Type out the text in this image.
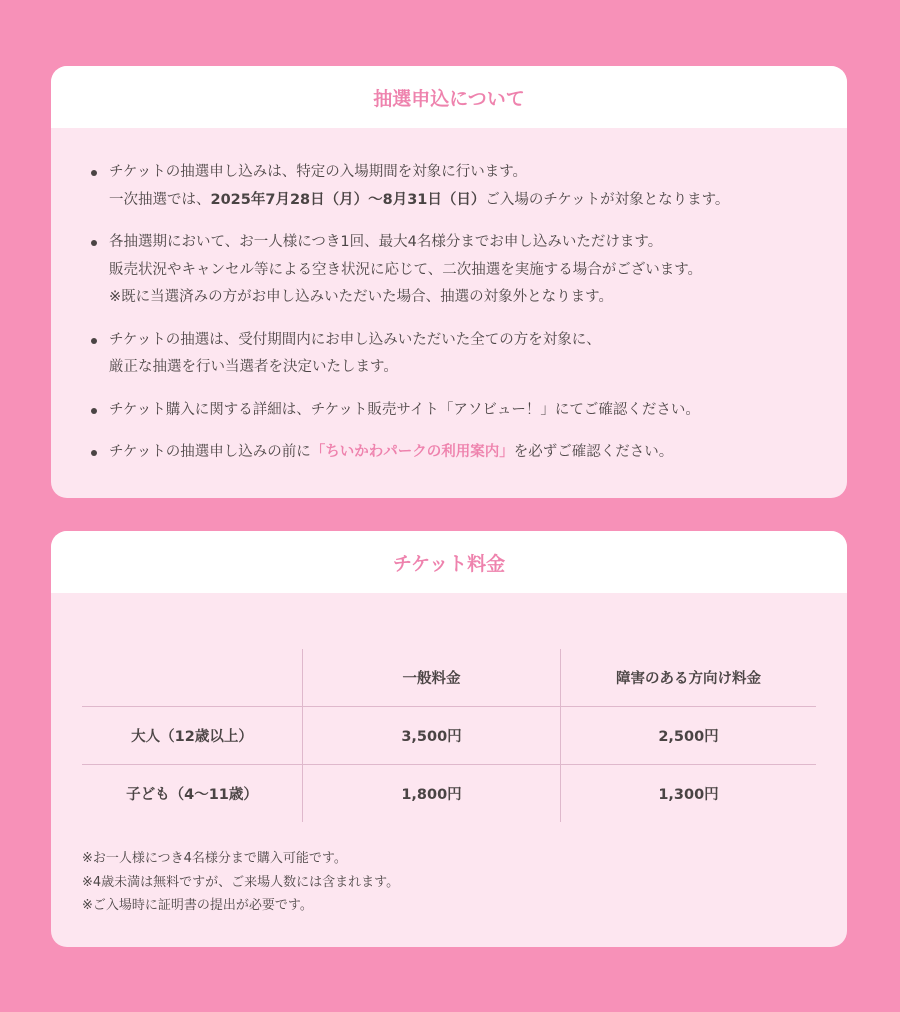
抽選申込について
チケットの抽選申し込みは、特定の入場期間を対象に行います。
一次抽選では、2025年7月28日（月）〜8月31日（日）ご入場のチケットが対象となります。
各抽選期において、お一人様につき1回、最大4名様分までお申し込みいただけます。
販売状況やキャンセル等による空き状況に応じて、二次抽選を実施する場合がございます。
※既に当選済みの方がお申し込みいただいた場合、抽選の対象外となります。
チケットの抽選は、受付期間内にお申し込みいただいた全ての方を対象に、
厳正な抽選を行い当選者を決定いたします。
チケット購入に関する詳細は、チケット販売サイト「アソビュー！」にてご確認ください。
チケットの抽選申し込みの前に「ちいかわパークの利用案内」を必ずご確認ください。
チケット料金
	一般料金	障害のある方向け料金
大人（12歳以上）	3,500円	2,500円
子ども（4〜11歳）	1,800円	1,300円
※お一人様につき4名様分まで購入可能です。
※4歳未満は無料ですが、ご来場人数には含まれます。
※ご入場時に証明書の提出が必要です。
